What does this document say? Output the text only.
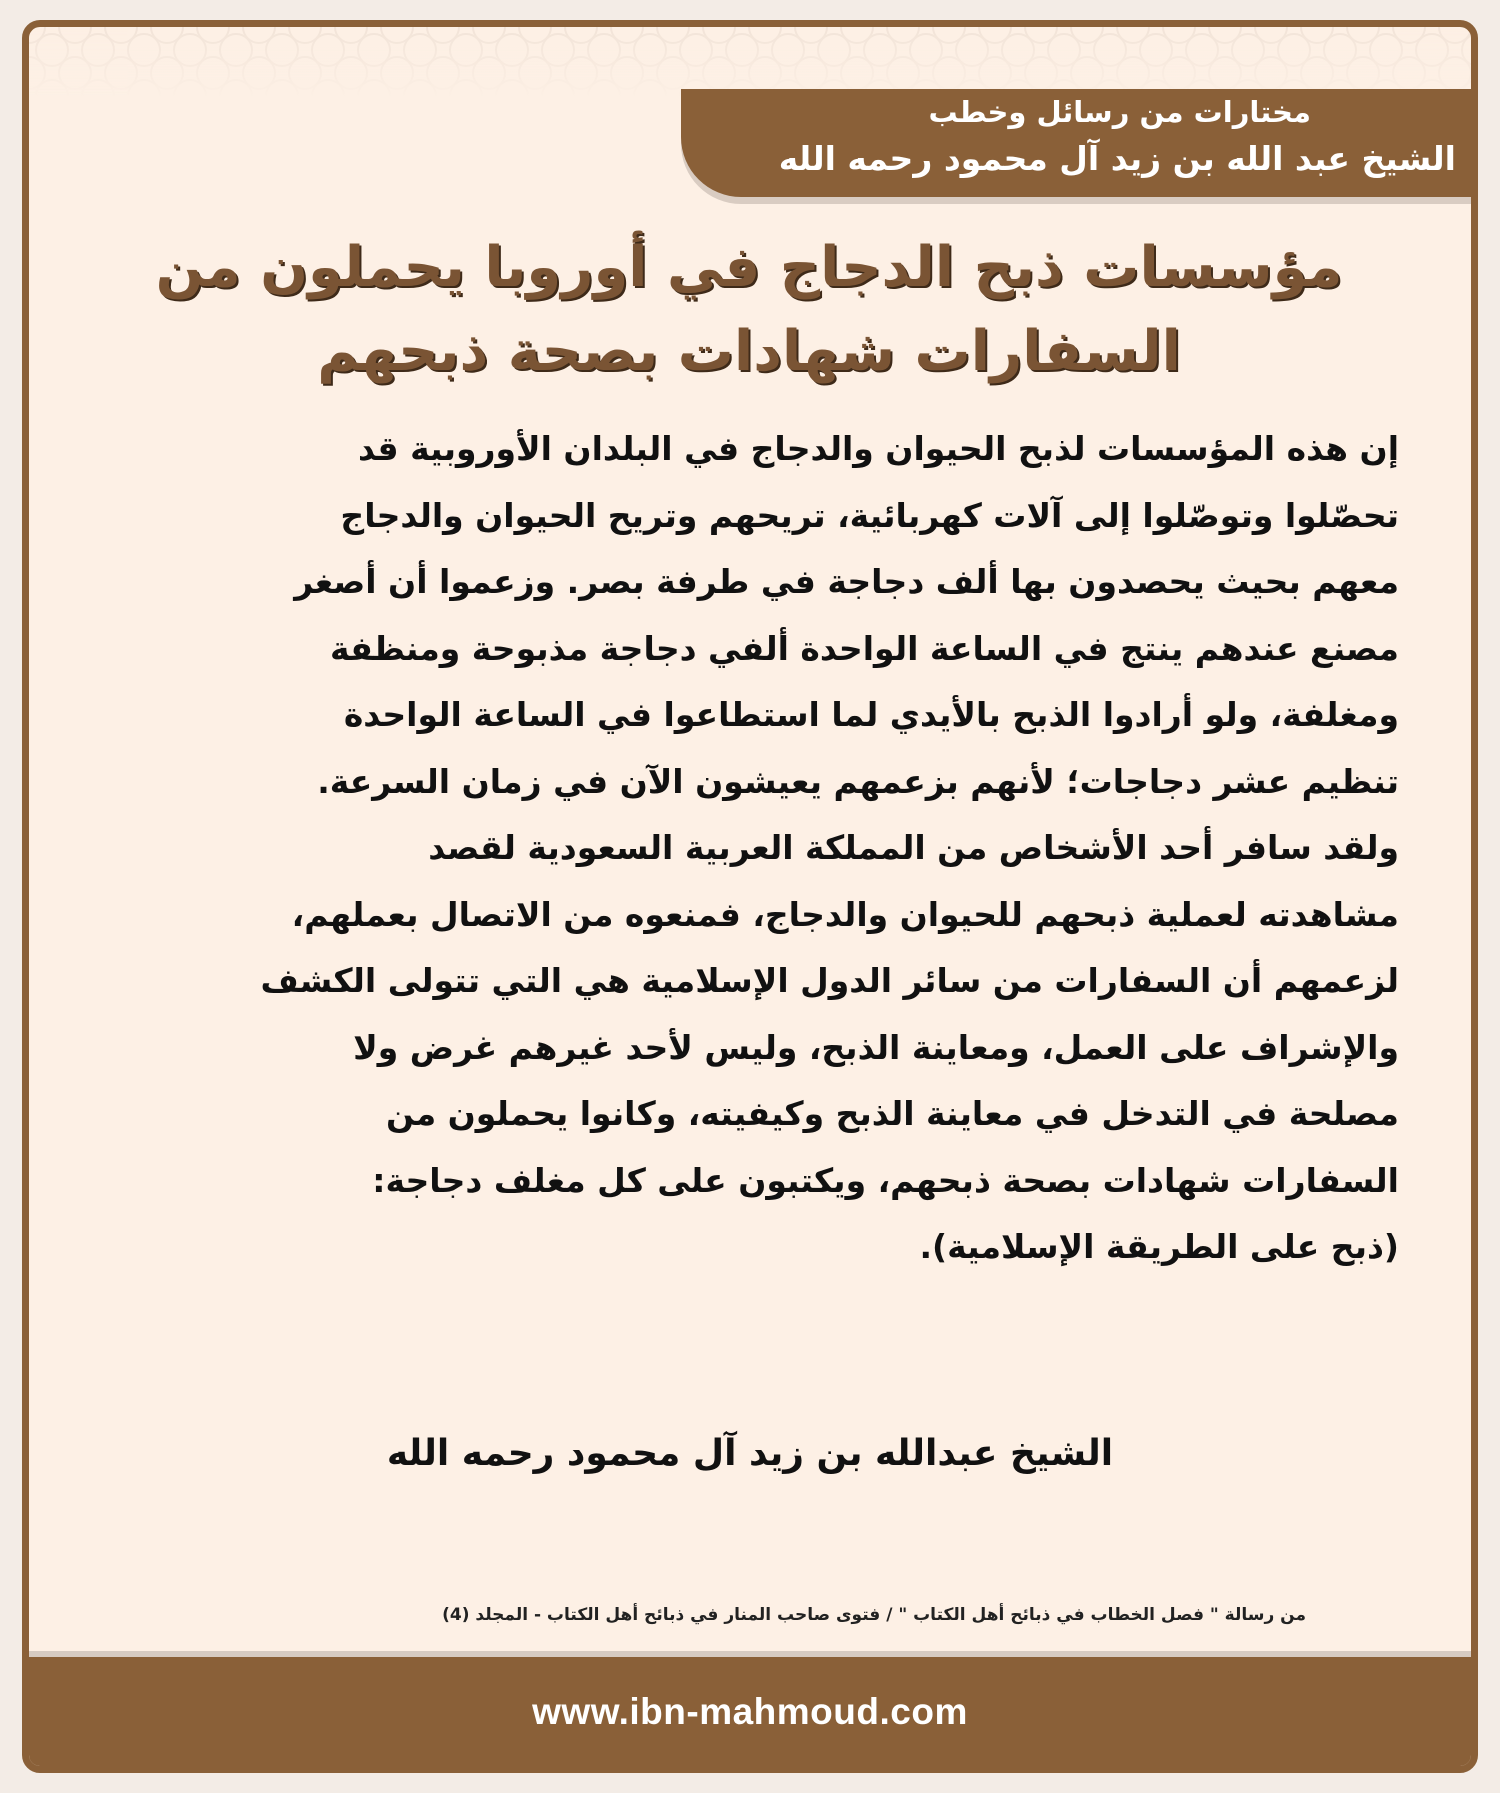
مختارات من رسائل وخطب
الشيخ عبد الله بن زيد آل محمود رحمه الله
مؤسسات ذبح الدجاج في أوروبا يحملون من
السفارات شهادات بصحة ذبحهم
إن هذه المؤسسات لذبح الحيوان والدجاج في البلدان الأوروبية قد
تحصّلوا وتوصّلوا إلى آلات كهربائية، تريحهم وتريح الحيوان والدجاج
معهم بحيث يحصدون بها ألف دجاجة في طرفة بصر. وزعموا أن أصغر
مصنع عندهم ينتج في الساعة الواحدة ألفي دجاجة مذبوحة ومنظفة
ومغلفة، ولو أرادوا الذبح بالأيدي لما استطاعوا في الساعة الواحدة
تنظيم عشر دجاجات؛ لأنهم بزعمهم يعيشون الآن في زمان السرعة.
ولقد سافر أحد الأشخاص من المملكة العربية السعودية لقصد
مشاهدته لعملية ذبحهم للحيوان والدجاج، فمنعوه من الاتصال بعملهم،
لزعمهم أن السفارات من سائر الدول الإسلامية هي التي تتولى الكشف
والإشراف على العمل، ومعاينة الذبح، وليس لأحد غيرهم غرض ولا
مصلحة في التدخل في معاينة الذبح وكيفيته، وكانوا يحملون من
السفارات شهادات بصحة ذبحهم، ويكتبون على كل مغلف دجاجة:
(ذبح على الطريقة الإسلامية).
الشيخ عبدالله بن زيد آل محمود رحمه الله
من رسالة " فصل الخطاب في ذبائح أهل الكتاب " / فتوى صاحب المنار في ذبائح أهل الكتاب - المجلد (4)
www.ibn-mahmoud.com
